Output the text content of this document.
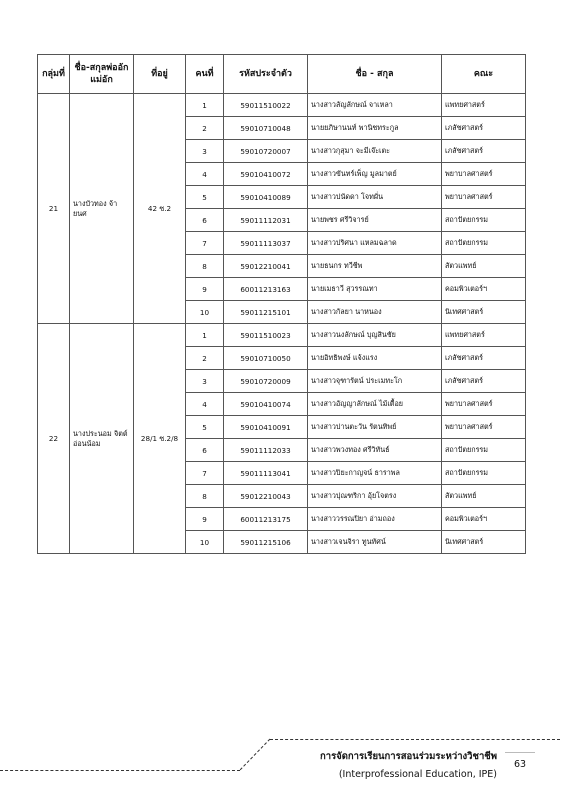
กลุ่มที่	ชื่อ-สกุลพ่ออักแม่อัก	ที่อยู่	คนที่	รหัสประจำตัว	ชื่อ - สกุล	คณะ
21	นางบัวทอง จ้ายนศ	42 ซ.2	1	59011510022	นางสาวลัญลักษณ์ จาเหลา	แพทยศาสตร์
			2	59010710048	นายยภิษานนท์ พานิชทระกูล	เภสัชศาสตร์
			3	59010720007	นางสาวกุสุมา จะมีเจ๊ะเตะ	เภสัชศาสตร์
			4	59010410072	นางสาวขันทร์เพ็ญ มูลมาตย์	พยาบาลศาสตร์
			5	59010410089	นางสาวปนัดดา โจทผั่น	พยาบาลศาสตร์
			6	59011112031	นายพชร ศรีวิจารย์	สถาปัตยกรรม
			7	59011113037	นางสาวปริศนา แหลมฉลาด	สถาปัตยกรรม
			8	59012210041	นายธนกร ทวีชีพ	สัตวแพทย์
			9	60011213163	นายเมธาวี สุวรรณทา	คอมพิวเตอร์ฯ
			10	59011215101	นางสาวกัลยา นาหนอง	นิเทศศาสตร์
22	นางประนอม จิตต์อ่อนน้อม	28/1 ซ.2/8	1	59011510023	นางสาวนงลักษณ์ บุญสินชัย	แพทยศาสตร์
			2	59010710050	นายอิทธิพงษ์ แจ้งแรง	เภสัชศาสตร์
			3	59010720009	นางสาวจุฑารัตน์ ประเมทะโก	เภสัชศาสตร์
			4	59010410074	นางสาวอัญญาลักษณ์ ไม้เตื้อย	พยาบาลศาสตร์
			5	59010410091	นางสาวปานตะวัน รัตนทิพย์	พยาบาลศาสตร์
			6	59011112033	นางสาวพวงทอง ศรีวิทันธ์	สถาปัตยกรรม
			7	59011113041	นางสาวปิยะกาญจน์ ธาราพล	สถาปัตยกรรม
			8	59012210043	นางสาวปุณฑริกา อุ้ยโจตรง	สัตวแพทย์
			9	60011213175	นางสาววรรณปิยา อ่ามถอง	คอมพิวเตอร์ฯ
			10	59011215106	นางสาวเจนจิรา ทูนทัศน์	นิเทศศาสตร์
การจัดการเรียนการสอนร่วมระหว่างวิชาชีพ
(Interprofessional Education, IPE)
63
